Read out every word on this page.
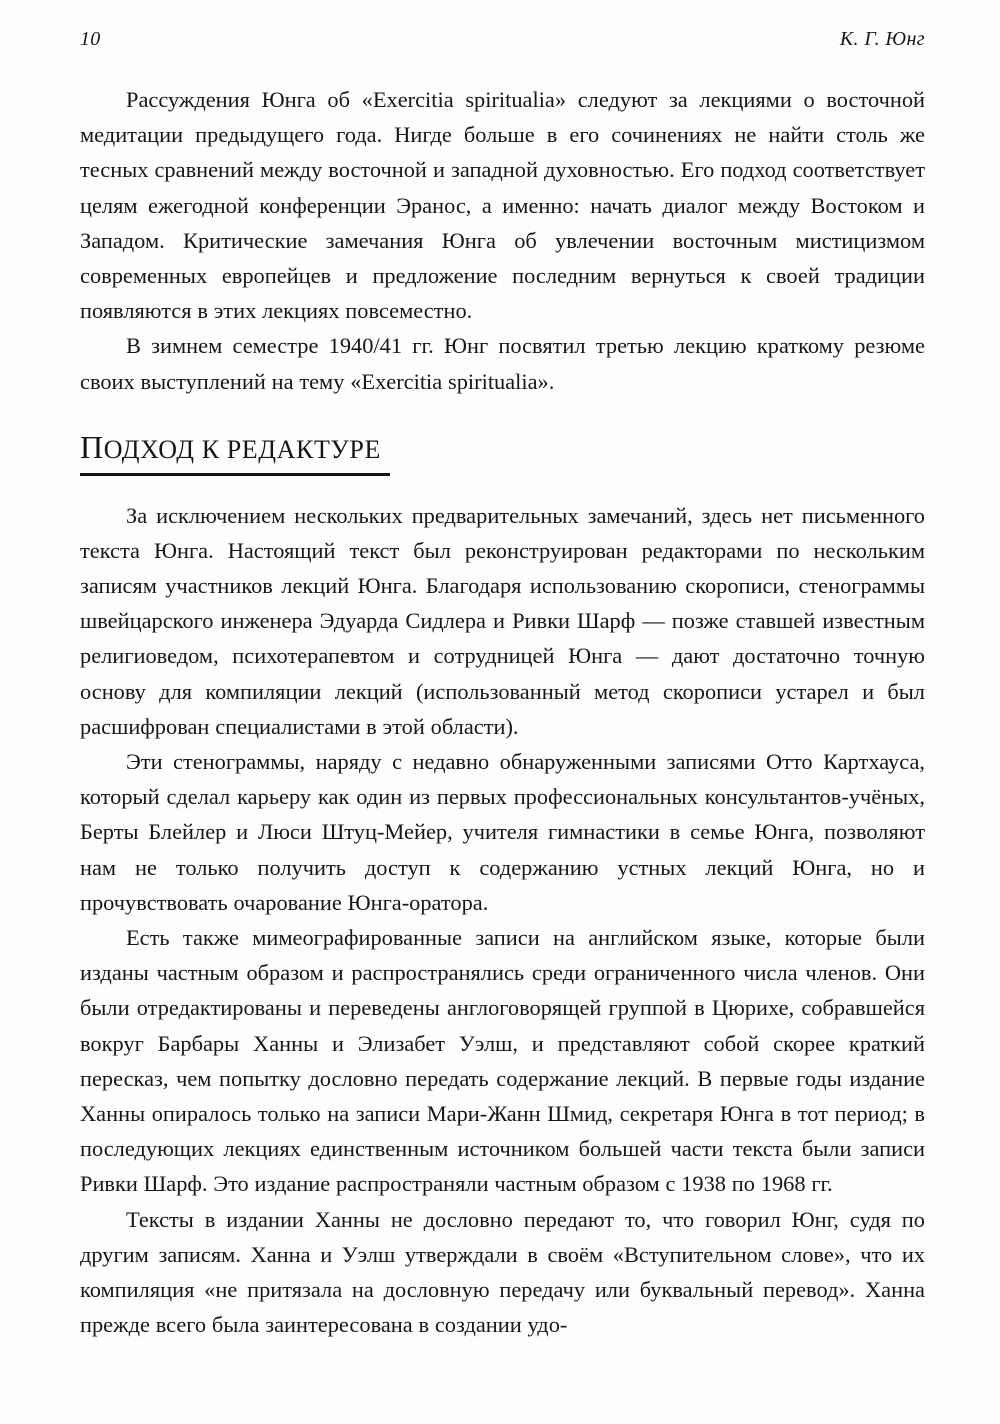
10	К. Г. Юнг

Рассуждения Юнга об «Exercitia spiritualia» следуют за лекциями о восточной медитации предыдущего года. Нигде больше в его сочинениях не найти столь же тесных сравнений между восточной и западной духовностью. Его подход соответствует целям ежегодной конференции Эранос, а именно: начать диалог между Востоком и Западом. Критические замечания Юнга об увлечении восточным мистицизмом современных европейцев и предложение последним вернуться к своей традиции появляются в этих лекциях повсеместно.

В зимнем семестре 1940/41 гг. Юнг посвятил третью лекцию краткому резюме своих выступлений на тему «Exercitia spiritualia».

ПОДХОД К РЕДАКТУРЕ

За исключением нескольких предварительных замечаний, здесь нет письменного текста Юнга. Настоящий текст был реконструирован редакторами по нескольким записям участников лекций Юнга. Благодаря использованию скорописи, стенограммы швейцарского инженера Эдуарда Сидлера и Ривки Шарф — позже ставшей известным религиоведом, психотерапевтом и сотрудницей Юнга — дают достаточно точную основу для компиляции лекций (использованный метод скорописи устарел и был расшифрован специалистами в этой области).

Эти стенограммы, наряду с недавно обнаруженными записями Отто Картхауса, который сделал карьеру как один из первых профессиональных консультантов-учёных, Берты Блейлер и Люси Штуц-Мейер, учителя гимнастики в семье Юнга, позволяют нам не только получить доступ к содержанию устных лекций Юнга, но и прочувствовать очарование Юнга-оратора.

Есть также мимеографированные записи на английском языке, которые были изданы частным образом и распространялись среди ограниченного числа членов. Они были отредактированы и переведены англоговорящей группой в Цюрихе, собравшейся вокруг Барбары Ханны и Элизабет Уэлш, и представляют собой скорее краткий пересказ, чем попытку дословно передать содержание лекций. В первые годы издание Ханны опиралось только на записи Мари-Жанн Шмид, секретаря Юнга в тот период; в последующих лекциях единственным источником большей части текста были записи Ривки Шарф. Это издание распространяли частным образом с 1938 по 1968 гг.

Тексты в издании Ханны не дословно передают то, что говорил Юнг, судя по другим записям. Ханна и Уэлш утверждали в своём «Вступительном слове», что их компиляция «не притязала на дословную передачу или буквальный перевод». Ханна прежде всего была заинтересована в создании удо-
